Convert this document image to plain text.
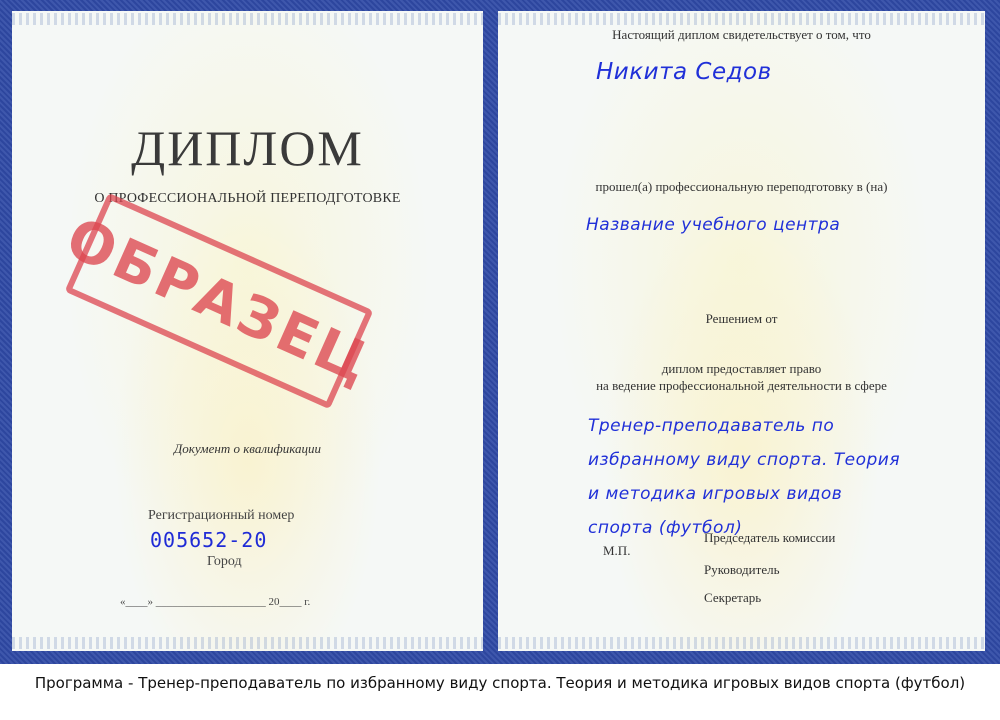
ДИПЛОМ
О ПРОФЕССИОНАЛЬНОЙ ПЕРЕПОДГОТОВКЕ
ОБРАЗЕЦ
Документ о квалификации
Регистрационный номер
005652-20
Город
«____» ____________________ 20____ г.
Настоящий диплом свидетельствует о том, что
Никита Седов
прошел(а) профессиональную переподготовку в (на)
Название учебного центра
Решением от
диплом предоставляет право
на ведение профессиональной деятельности в сфере
Тренер-преподаватель по
избранному виду спорта. Теория
и методика игровых видов
спорта (футбол)
Председатель комиссии
М.П.
Руководитель
Секретарь
Программа - Тренер-преподаватель по избранному виду спорта. Теория и методика игровых видов спорта (футбол)
